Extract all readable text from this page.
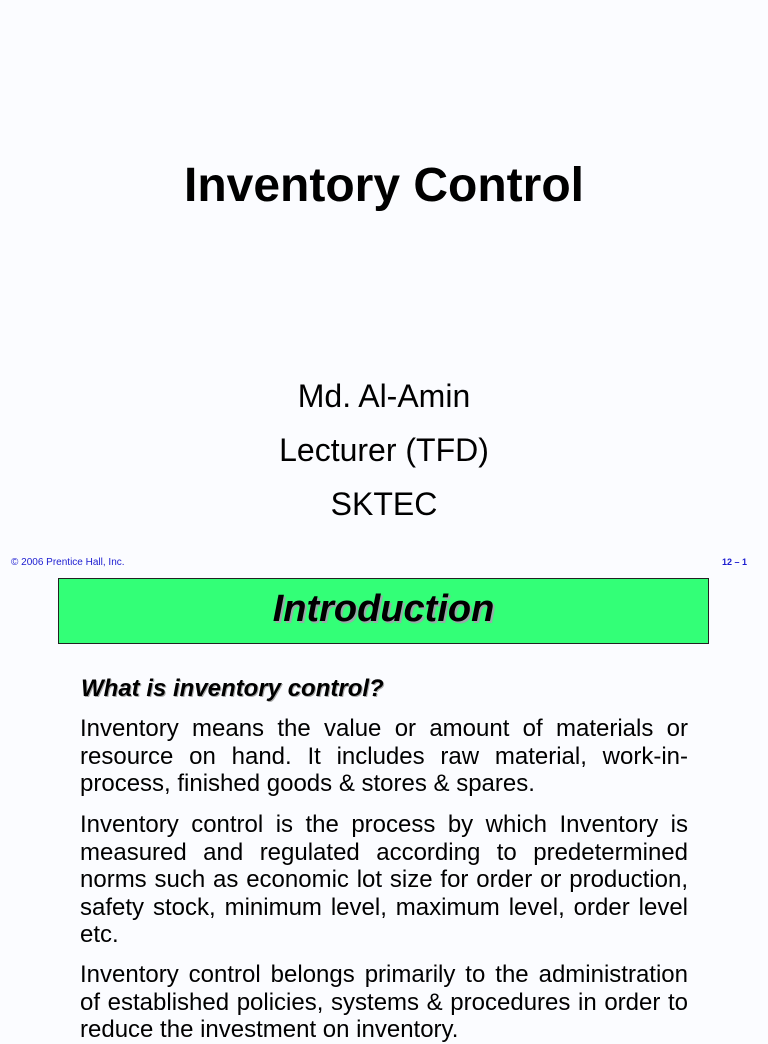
Inventory Control
Md. Al-Amin
Lecturer (TFD)
SKTEC
© 2006 Prentice Hall, Inc.	12 – 1
Introduction
What is inventory control?

Inventory means the value or amount of materials or resource on hand. It includes raw material, work-in-process, finished goods & stores & spares.

Inventory control is the process by which Inventory is measured and regulated according to predetermined norms such as economic lot size for order or production, safety stock, minimum level, maximum level, order level etc.

Inventory control belongs primarily to the administration of established policies, systems & procedures in order to reduce the investment on inventory.
